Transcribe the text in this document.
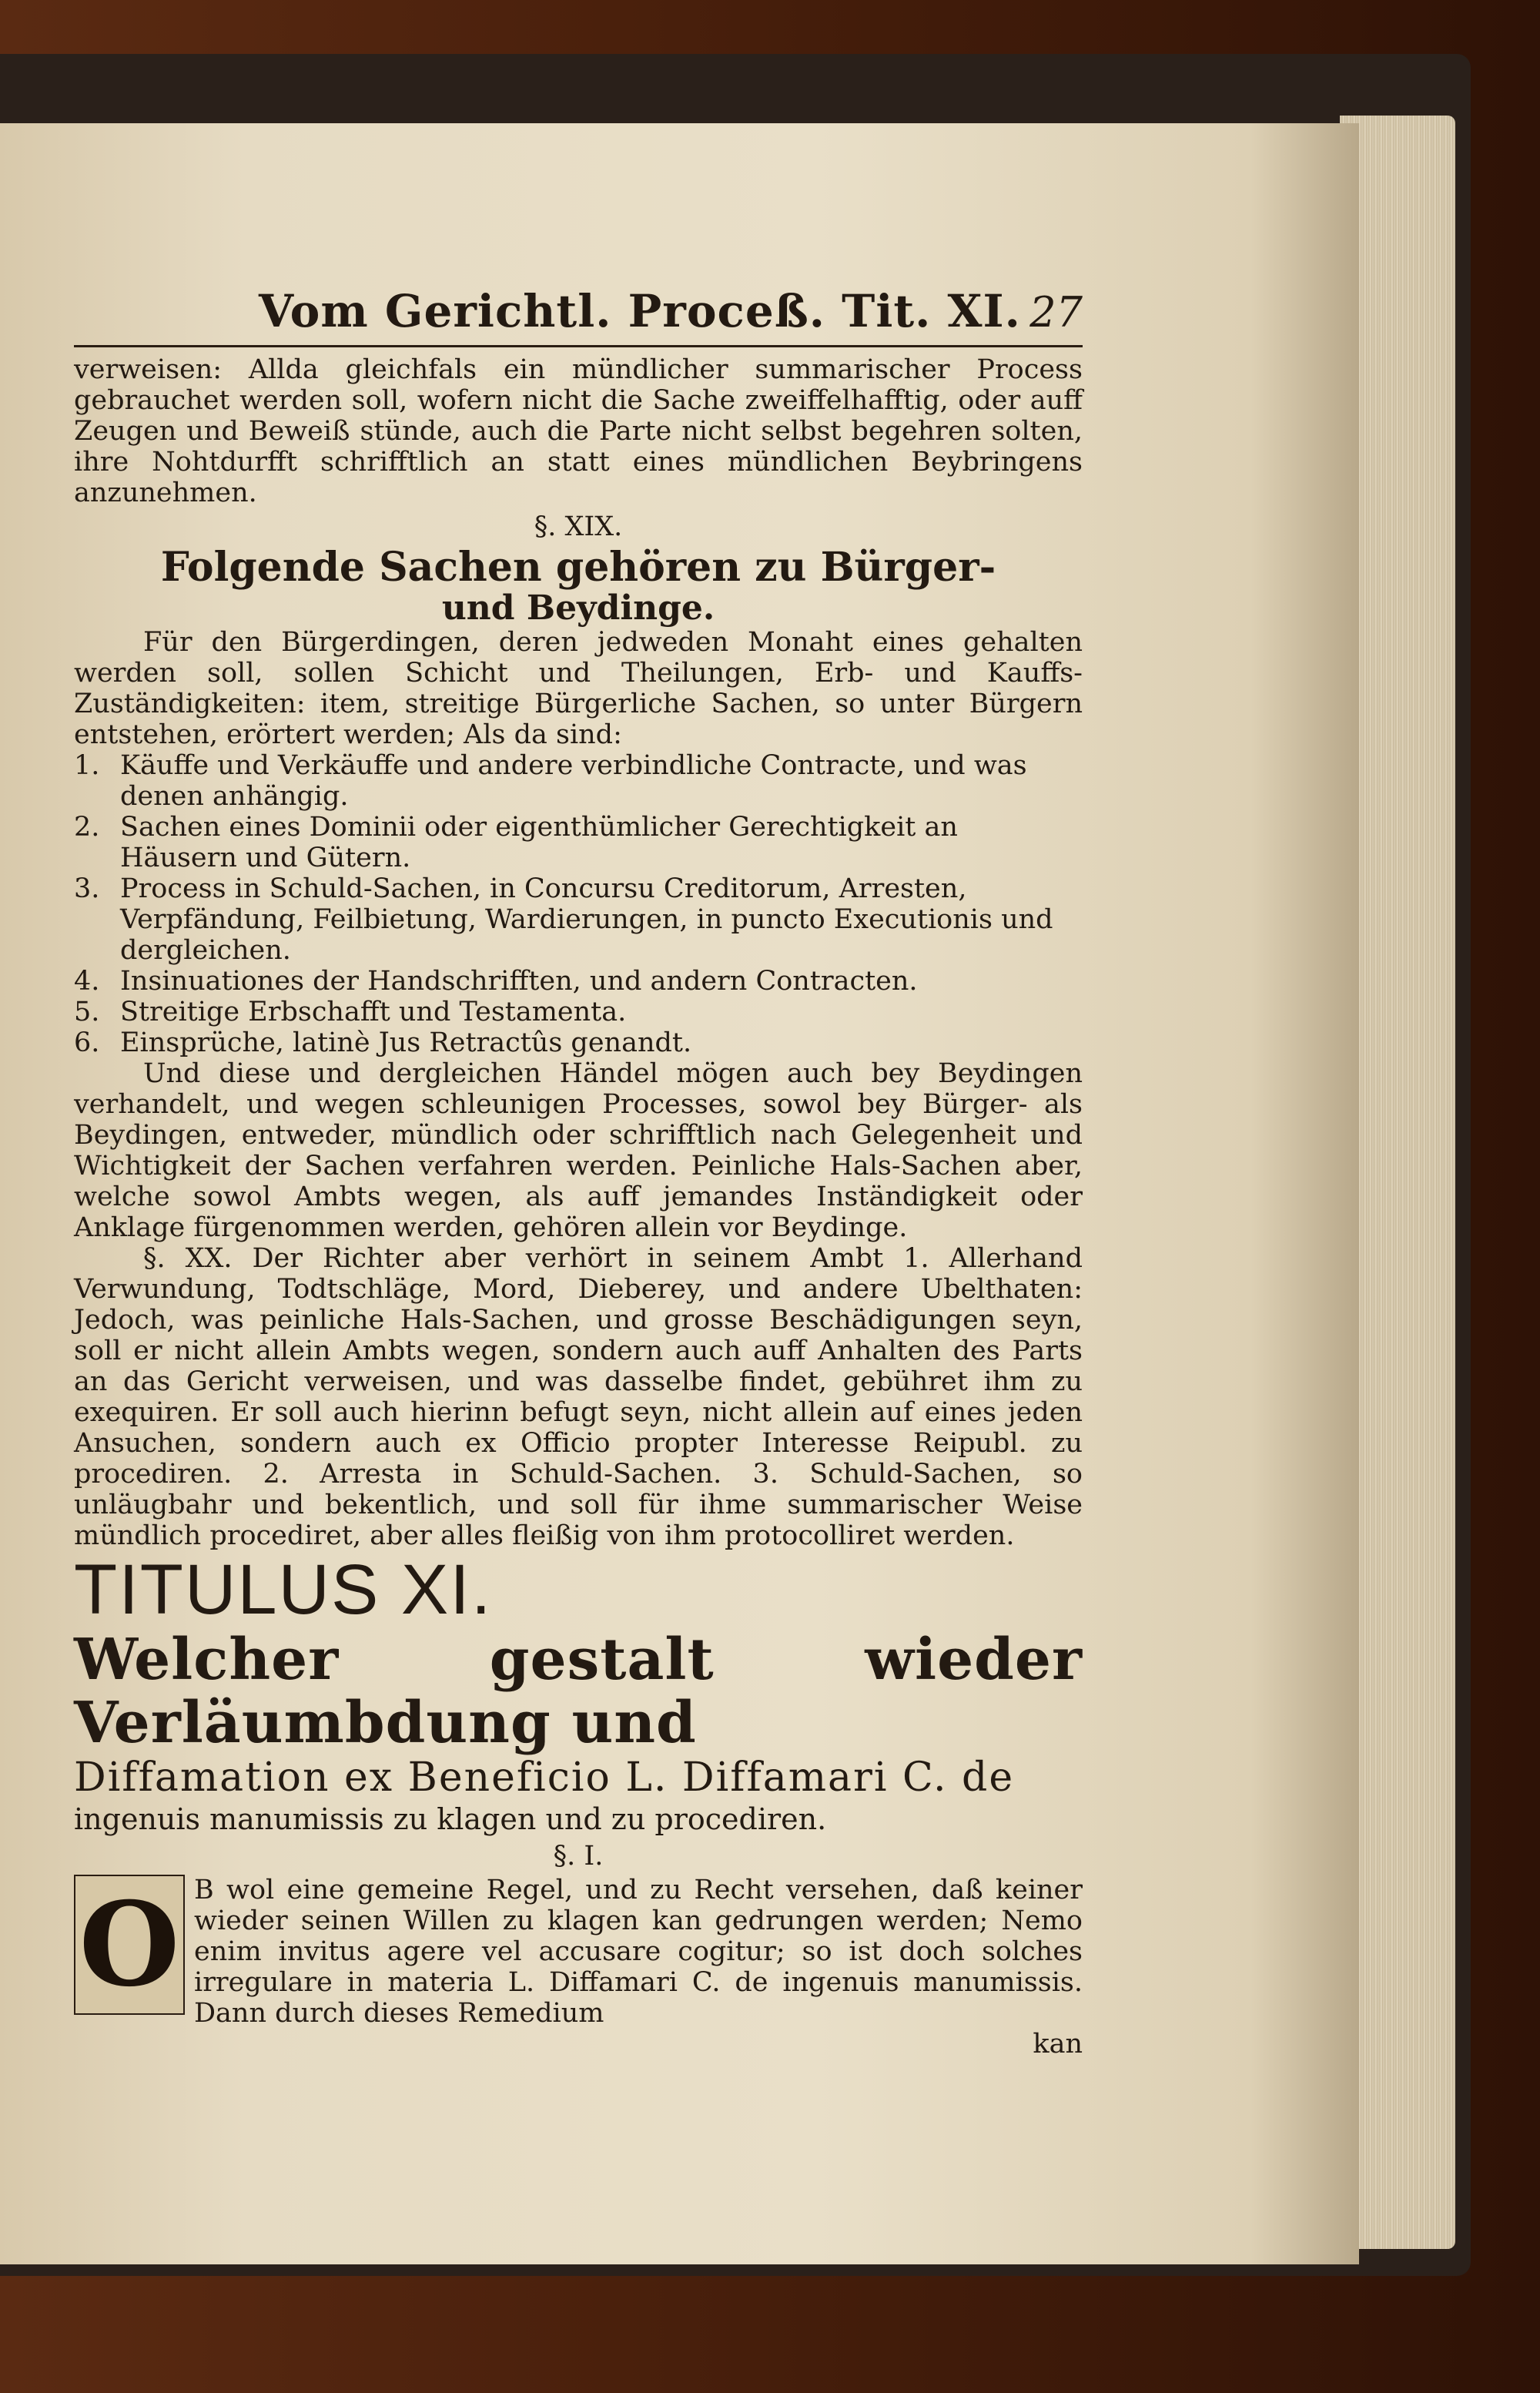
Vom Gerichtl. Proceß. Tit. XI. 27

verweisen: Allda gleichfals ein mündlicher summarischer Process gebrauchet werden soll, wofern nicht die Sache zweiffelhafftig, oder auff Zeugen und Beweiß stünde, auch die Parte nicht selbst begehren solten, ihre Nohtdurfft schrifftlich an statt eines mündlichen Beybringens anzunehmen.

§. XIX.

Folgende Sachen gehören zu Bürger-

und Beydinge.

Für den Bürgerdingen, deren jedweden Monaht eines gehalten werden soll, sollen Schicht und Theilungen, Erb- und Kauffs-Zuständigkeiten: item, streitige Bürgerliche Sachen, so unter Bürgern entstehen, erörtert werden; Als da sind:

1. Käuffe und Verkäuffe und andere verbindliche Contracte, und was denen anhängig.
2. Sachen eines Dominii oder eigenthümlicher Gerechtigkeit an Häusern und Gütern.
3. Process in Schuld-Sachen, in Concursu Creditorum, Arresten, Verpfändung, Feilbietung, Wardierungen, in puncto Executionis und dergleichen.
4. Insinuationes der Handschrifften, und andern Contracten.
5. Streitige Erbschafft und Testamenta.
6. Einsprüche, latinè Jus Retractûs genandt.

Und diese und dergleichen Händel mögen auch bey Beydingen verhandelt, und wegen schleunigen Processes, sowol bey Bürger- als Beydingen, entweder, mündlich oder schrifftlich nach Gelegenheit und Wichtigkeit der Sachen verfahren werden. Peinliche Hals-Sachen aber, welche sowol Ambts wegen, als auff jemandes Inständigkeit oder Anklage fürgenommen werden, gehören allein vor Beydinge.

§. XX. Der Richter aber verhört in seinem Ambt 1. Allerhand Verwundung, Todtschläge, Mord, Dieberey, und andere Ubelthaten: Jedoch, was peinliche Hals-Sachen, und grosse Beschädigungen seyn, soll er nicht allein Ambts wegen, sondern auch auff Anhalten des Parts an das Gericht verweisen, und was dasselbe findet, gebühret ihm zu exequiren. Er soll auch hierinn befugt seyn, nicht allein auf eines jeden Ansuchen, sondern auch ex Officio propter Interesse Reipubl. zu procediren. 2. Arresta in Schuld-Sachen. 3. Schuld-Sachen, so unläugbahr und bekentlich, und soll für ihme summarischer Weise mündlich procediret, aber alles fleißig von ihm protocolliret werden.

TITULUS XI.

Welcher gestalt wieder Verläumbdung und

Diffamation ex Beneficio L. Diffamari C. de

ingenuis manumissis zu klagen und zu procediren.

§. I.

O B wol eine gemeine Regel, und zu Recht versehen, daß keiner wieder seinen Willen zu klagen kan gedrungen werden; Nemo enim invitus agere vel accusare cogitur; so ist doch solches irregulare in materia L. Diffamari C. de ingenuis manumissis. Dann durch dieses Remedium

kan
